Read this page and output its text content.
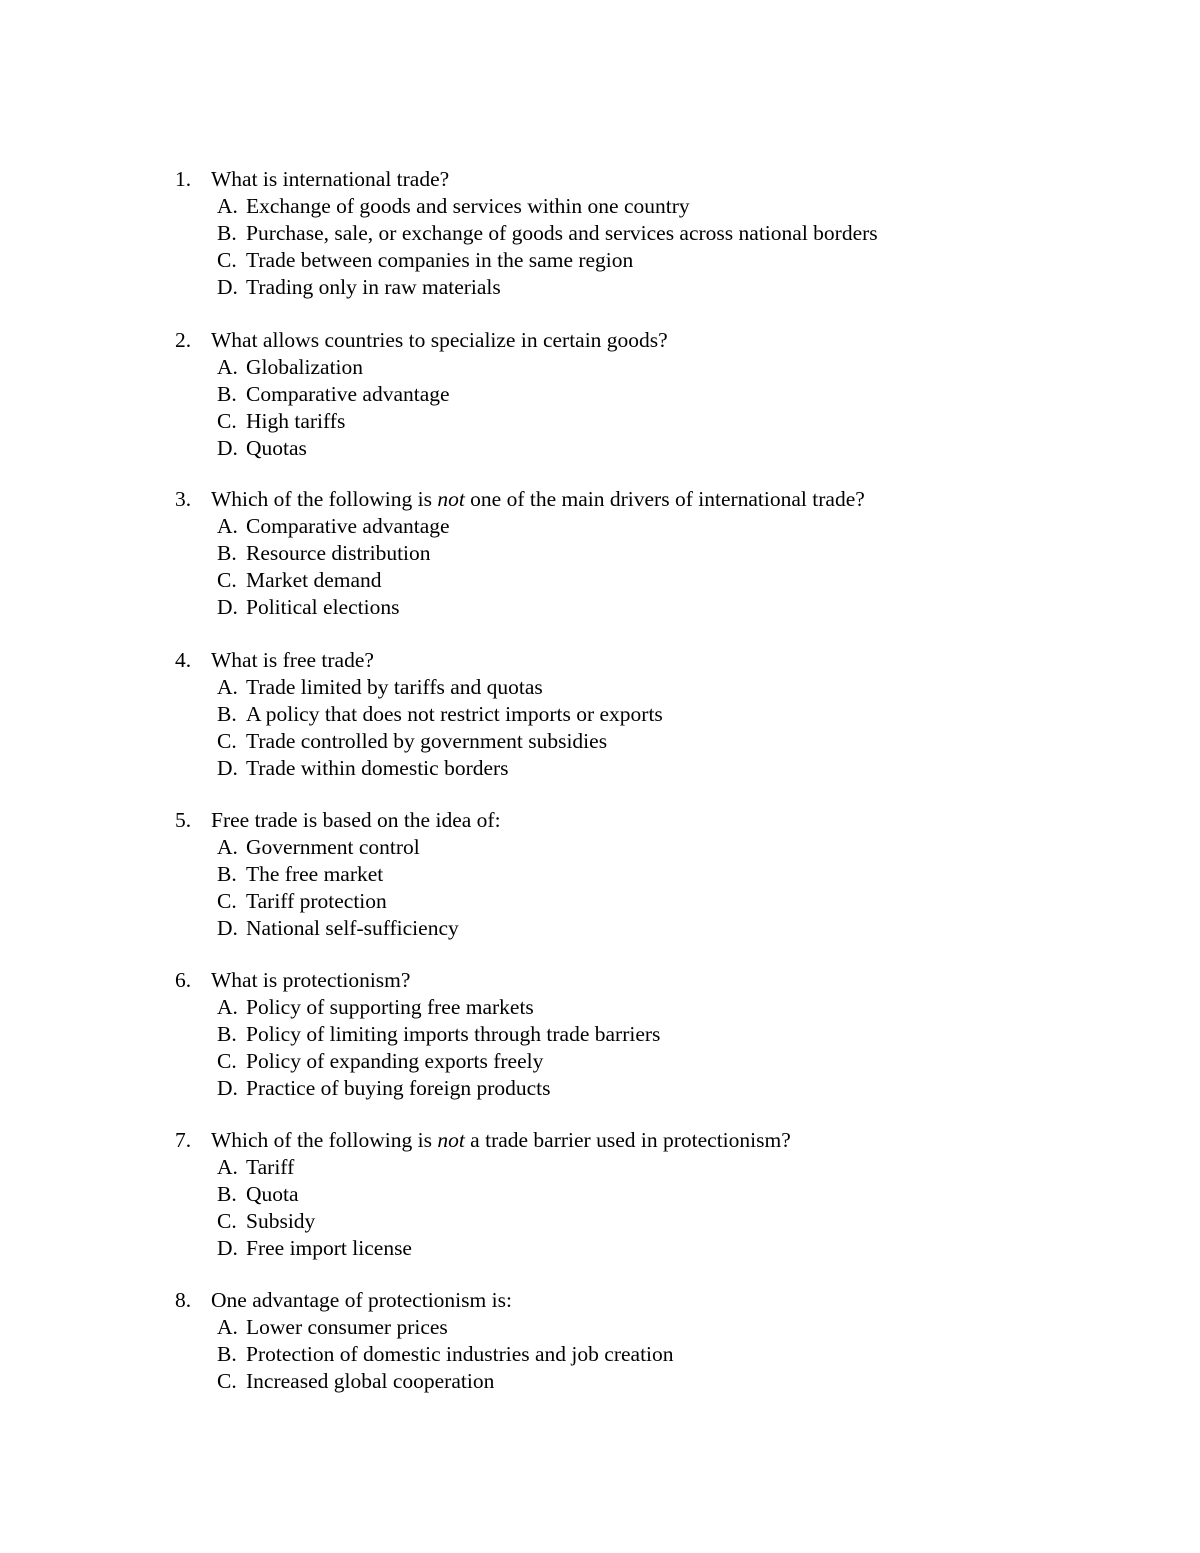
1. What is international trade?
A. Exchange of goods and services within one country
B. Purchase, sale, or exchange of goods and services across national borders
C. Trade between companies in the same region
D. Trading only in raw materials
2. What allows countries to specialize in certain goods?
A. Globalization
B. Comparative advantage
C. High tariffs
D. Quotas
3. Which of the following is not one of the main drivers of international trade?
A. Comparative advantage
B. Resource distribution
C. Market demand
D. Political elections
4. What is free trade?
A. Trade limited by tariffs and quotas
B. A policy that does not restrict imports or exports
C. Trade controlled by government subsidies
D. Trade within domestic borders
5. Free trade is based on the idea of:
A. Government control
B. The free market
C. Tariff protection
D. National self-sufficiency
6. What is protectionism?
A. Policy of supporting free markets
B. Policy of limiting imports through trade barriers
C. Policy of expanding exports freely
D. Practice of buying foreign products
7. Which of the following is not a trade barrier used in protectionism?
A. Tariff
B. Quota
C. Subsidy
D. Free import license
8. One advantage of protectionism is:
A. Lower consumer prices
B. Protection of domestic industries and job creation
C. Increased global cooperation
